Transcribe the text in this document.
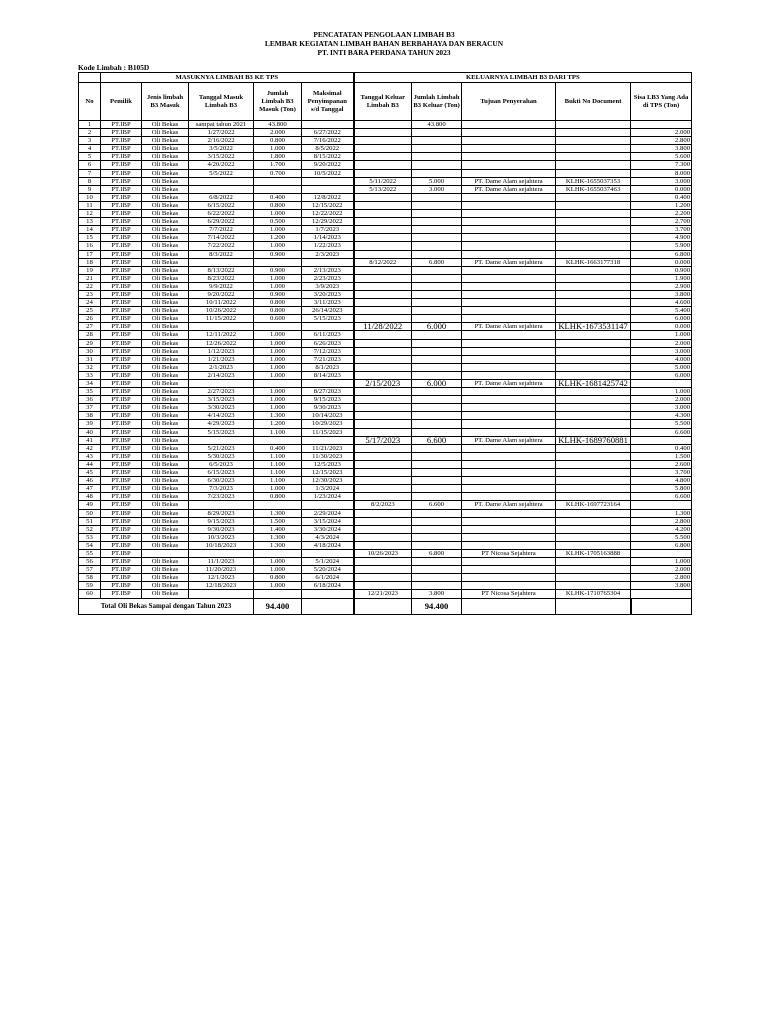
PENCATATAN PENGOLAAN LIMBAH B3
LEMBAR KEGIATAN LIMBAH BAHAN BERBAHAYA DAN BERACUN
PT. INTI BARA PERDANA TAHUN 2023
Kode Limbah : B105D
	MASUKNYA LIMBAH B3 KE TPS					KELUARNYA LIMBAH B3 DARI TPS				
No	Pemilik	Jenis limbah B3 Masuk	Tanggal Masuk Limbah B3	Jumlah Limbah B3 Masuk (Ton)	Maksimal Penyimpanan s/d Tanggal	Tanggal Keluar Limbah B3	Jumlah Limbah B3 Keluar (Ton)	Tujuan Penyerahan	Bukti No Document	Sisa LB3 Yang Ada di TPS (Ton)
1	PT.IBP	Oli Bekas	sampai tahun 2021	43.800			43.800			
2	PT.IBP	Oli Bekas	1/27/2022	2.000	6/27/2022					2.000
3	PT.IBP	Oli Bekas	2/16/2022	0.800	7/16/2022					2.800
4	PT.IBP	Oli Bekas	3/5/2022	1.000	8/5/2022					3.800
5	PT.IBP	Oli Bekas	3/15/2022	1.800	8/15/2022					5.600
6	PT.IBP	Oli Bekas	4/20/2022	1.700	9/20/2022					7.300
7	PT.IBP	Oli Bekas	5/5/2022	0.700	10/5/2022					8.000
8	PT.IBP	Oli Bekas				5/11/2022	5.000	PT. Dame Alam sejahtera	KLHK-1655037353	3.000
9	PT.IBP	Oli Bekas				5/13/2022	3.000	PT. Dame Alam sejahtera	KLHK-1655037463	0.000
10	PT.IBP	Oli Bekas	6/8/2022	0.400	12/8/2022					0.400
11	PT.IBP	Oli Bekas	6/15/2022	0.800	12/15/2022					1.200
12	PT.IBP	Oli Bekas	6/22/2022	1.000	12/22/2022					2.200
13	PT.IBP	Oli Bekas	6/29/2022	0.500	12/29/2022					2.700
14	PT.IBP	Oli Bekas	7/7/2022	1.000	1/7/2023					3.700
15	PT.IBP	Oli Bekas	7/14/2022	1.200	1/14/2023					4.900
16	PT.IBP	Oli Bekas	7/22/2022	1.000	1/22/2023					5.900
17	PT.IBP	Oli Bekas	8/3/2022	0.900	2/3/2023					6.800
18	PT.IBP	Oli Bekas				8/12/2022	6.800	PT. Dame Alam sejahtera	KLHK-1663177318	0.000
19	PT.IBP	Oli Bekas	8/13/2022	0.900	2/13/2023					0.900
21	PT.IBP	Oli Bekas	8/23/2022	1.000	2/23/2023					1.900
22	PT.IBP	Oli Bekas	9/9/2022	1.000	3/9/2023					2.900
23	PT.IBP	Oli Bekas	9/20/2022	0.900	3/20/2023					3.800
24	PT.IBP	Oli Bekas	10/11/2022	0.800	3/11/2023					4.600
25	PT.IBP	Oli Bekas	10/26/2022	0.800	26/14/2023					5.400
26	PT.IBP	Oli Bekas	11/15/2022	0.600	5/15/2023					6.000
27	PT.IBP	Oli Bekas				11/28/2022	6.000	PT. Dame Alam sejahtera	KLHK-1673531147	0.000
28	PT.IBP	Oli Bekas	12/11/2022	1.000	6/11/2023					1.000
29	PT.IBP	Oli Bekas	12/26/2022	1.000	6/26/2023					2.000
30	PT.IBP	Oli Bekas	1/12/2023	1.000	7/12/2023					3.000
31	PT.IBP	Oli Bekas	1/21/2023	1.000	7/21/2023					4.000
32	PT.IBP	Oli Bekas	2/1/2023	1.000	8/1/2023					5.000
33	PT.IBP	Oli Bekas	2/14/2023	1.000	8/14/2023					6.000
34	PT.IBP	Oli Bekas				2/15/2023	6.000	PT. Dame Alam sejahtera	KLHK-1681425742	
35	PT.IBP	Oli Bekas	2/27/2023	1.000	8/27/2023					1.000
36	PT.IBP	Oli Bekas	3/15/2023	1.000	9/15/2023					2.000
37	PT.IBP	Oli Bekas	3/30/2023	1.000	9/30/2023					3.000
38	PT.IBP	Oli Bekas	4/14/2023	1.300	10/14/2023					4.300
39	PT.IBP	Oli Bekas	4/29/2023	1.200	10/29/2023					5.500
40	PT.IBP	Oli Bekas	5/15/2023	1.100	11/15/2023					6.600
41	PT.IBP	Oli Bekas				5/17/2023	6.600	PT. Dame Alam sejahtera	KLHK-1689760881	
42	PT.IBP	Oli Bekas	5/21/2023	0.400	11/21/2023					0.400
43	PT.IBP	Oli Bekas	5/30/2023	1.100	11/30/2023					1.500
44	PT.IBP	Oli Bekas	6/5/2023	1.100	12/5/2023					2.600
45	PT.IBP	Oli Bekas	6/15/2023	1.100	12/15/2023					3.700
46	PT.IBP	Oli Bekas	6/30/2023	1.100	12/30/2023					4.800
47	PT.IBP	Oli Bekas	7/3/2023	1.000	1/3/2024					5.800
48	PT.IBP	Oli Bekas	7/23/2023	0.800	1/23/2024					6.600
49	PT.IBP	Oli Bekas				8/2/2023	6.600	PT. Dame Alam sejahtera	KLHK-1697723164	
50	PT.IBP	Oli Bekas	8/29/2023	1.300	2/29/2024					1.300
51	PT.IBP	Oli Bekas	9/15/2023	1.500	3/15/2024					2.800
52	PT.IBP	Oli Bekas	9/30/2023	1.400	3/30/2024					4.200
53	PT.IBP	Oli Bekas	10/3/2023	1.300	4/3/2024					5.500
54	PT.IBP	Oli Bekas	10/18/2023	1.300	4/18/2024					6.800
55	PT.IBP					10/26/2023	6.800	PT Nicosa Sejahtera	KLHK-1705163888	
56	PT.IBP	Oli Bekas	11/1/2023	1.000	5/1/2024					1.000
57	PT.IBP	Oli Bekas	11/20/2023	1.000	5/20/2024					2.000
58	PT.IBP	Oli Bekas	12/1/2023	0.800	6/1/2024					2.800
59	PT.IBP	Oli Bekas	12/18/2023	1.000	6/18/2024					3.800
60	PT.IBP	Oli Bekas				12/21/2023	3.800	PT Nicosa Sejahtera	KLHK-1710765304	
Total Oli Bekas Sampai dengan Tahun 2023				94.400			94.400			
